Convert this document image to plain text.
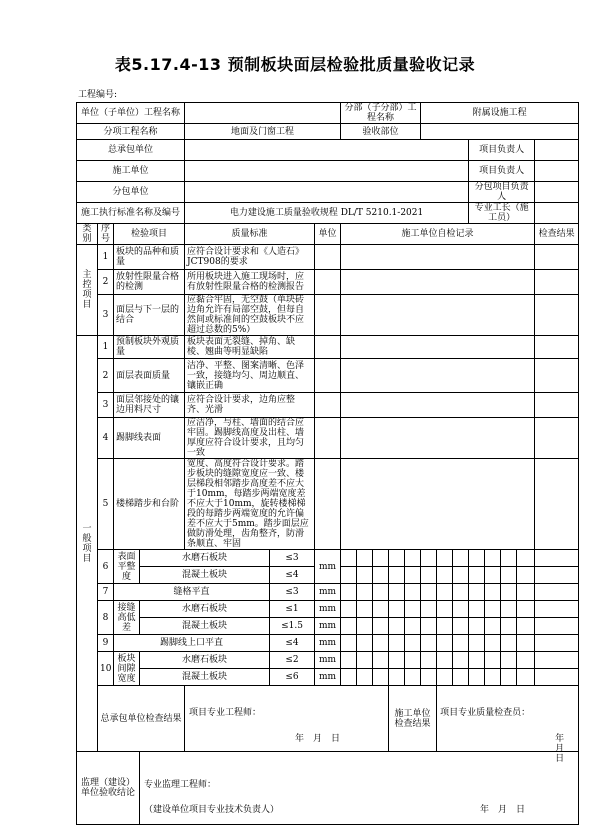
表5.17.4-13 预制板块面层检验批质量验收记录
工程编号:
单位（子单位）工程名称							分部（子分部）工程名称					附属设施工程							
分项工程名称				地面及门窗工程			验收部位												
总承包单位															项目负责人				
施工单位															项目负责人				
分包单位															分包项目负责人				
施工执行标准名称及编号				电力建设施工质量验收规程 DL/T 5210.1-2021											专业工长（施工员）				
类别	序号	检验项目		质量标准		单位	施工单位自检记录												检查结果
主控项目	1	板块的品种和质量		应符合设计要求和《人造石》JCT908的要求															
	2	放射性限量合格的检测		所用板块进入施工现场时，应有放射性限量合格的检测报告															
	3	面层与下一层的结合		应黏合牢固，无空鼓（单块砖边角允许有局部空鼓，但每自然间或标准间的空鼓板块不应超过总数的5%）															
一般项目	1	预制板块外观质量		板块表面无裂缝、掉角、缺棱、翘曲等明显缺陷															
	2	面层表面质量		洁净、平整、图案清晰、色泽一致，接缝均匀、周边顺直、镶嵌正确															
	3	面层邻接处的镶边用料尺寸		应符合设计要求，边角应整齐、光滑															
	4	踢脚线表面		应洁净，与柱、墙面的结合应牢固。踢脚线高度及出柱、墙厚度应符合设计要求，且均匀一致															
	5	楼梯踏步和台阶		宽度、高度符合设计要求。踏步板块的缝隙宽度应一致、楼层梯段相邻踏步高度差不应大于10mm，每踏步两端宽度差不应大于10mm，旋转楼梯梯段的每踏步两端宽度的允许偏差不应大于5mm。踏步面层应做防滑处理，齿角整齐，防滑条顺直、牢固															
	6	表面平整度	水磨石板块		≤3	mm													
			混凝土板块		≤4														
	7	缝格平直			≤3	mm													
	8	接缝高低差	水磨石板块		≤1	mm													
			混凝土板块		≤1.5	mm													
	9	踢脚线上口平直			≤4	mm													
	10	板块间隙宽度	水磨石板块		≤2	mm													
			混凝土板块		≤6	mm													
	总承包单位检查结果			项目专业工程师：
年　月　日						施工单位检查结果			项目专业质量检查员：
年　月　日						

监理（建设）单位验收结论			专业监理工程师：
（建设单位项目专业技术负责人） 年　月　日																
